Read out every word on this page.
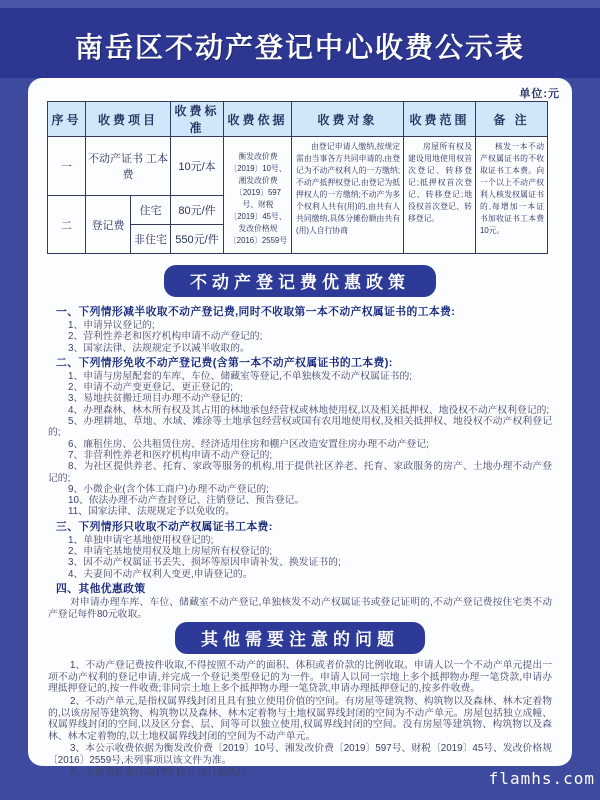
南岳区不动产登记中心收费公示表
单位:元
序号	收费项目		收费标准	收费依据	收费对象	收费范围	备 注
一	不动产证书 工本费		10元/本	衡发改价费〔2019〕10号、湘发改价费〔2019〕597号、财税〔2019〕45号、发改价格规〔2016〕2559号	由登记申请人缴纳,按规定需由当事各方共同申请的,由登记为不动产权利人的一方缴纳;不动产抵押权登记,由登记为抵押权人的一方缴纳;不动产为多个权利人共有(用)的,由共有人共同缴纳,具体分摊份额由共有(用)人自行协商	房屋所有权及建设用地使用权首次登记、转移登记;抵押权首次登记、转移登记;地役权首次登记、转移登记。	核发一本不动产权属证书的不收取证书工本费。向一个以上不动产权利人核发权属证书的,每增加一本证书加收证书工本费10元。
二	登记费	住宅	80元/件				
		非住宅	550元/件				
不动产登记费优惠政策
一、下列情形减半收取不动产登记费,同时不收取第一本不动产权属证书的工本费:
1、申请异议登记的;
2、营利性养老和医疗机构申请不动产登记的;
3、国家法律、法规规定予以减半收取的。
二、下列情形免收不动产登记费(含第一本不动产权属证书的工本费):
1、申请与房屋配套的车库、车位、储藏室等登记,不单独核发不动产权属证书的;
2、申请不动产变更登记、更正登记的;
3、易地扶贫搬迁项目办理不动产登记的;
4、办理森林、林木所有权及其占用的林地承包经营权或林地使用权,以及相关抵押权、地役权不动产权利登记的;
5、办理耕地、草地、水域、滩涂等土地承包经营权或国有农用地使用权,及相关抵押权、地役权不动产权利登记的;
6、廉租住房、公共租赁住房、经济适用住房和棚户区改造安置住房办理不动产登记;
7、非营利性养老和医疗机构申请不动产登记的;
8、为社区提供养老、托育、家政等服务的机构,用于提供社区养老、托育、家政服务的房产、土地办理不动产登记的;
9、小微企业(含个体工商户)办理不动产登记的;
10、依法办理不动产查封登记、注销登记、预告登记。
11、国家法律、法规规定予以免收的。
三、下列情形只收取不动产权属证书工本费:
1、单独申请宅基地使用权登记的;
2、申请宅基地使用权及地上房屋所有权登记的;
3、因不动产权属证书丢失、损坏等原因申请补发、换发证书的;
4、夫妻间不动产权利人变更,申请登记的。
四、其他优惠政策
对申请办理车库、车位、储藏室不动产登记,单独核发不动产权属证书或登记证明的,不动产登记费按住宅类不动产登记每件80元收取。
其他需要注意的问题
1、不动产登记费按件收取,不得按照不动产的面积、体积或者价款的比例收取。申请人以一个不动产单元提出一项不动产权利的登记申请,并完成一个登记类型登记的为一件。申请人以同一宗地上多个抵押物办理一笔贷款,申请办理抵押登记的,按一件收费;非同宗土地上多个抵押物办理一笔贷款,申请办理抵押登记的,按多件收费。
2、不动产单元,是指权属界线封闭且具有独立使用价值的空间。有房屋等建筑物、构筑物以及森林、林木定着物的,以该房屋等建筑物、构筑物以及森林、林木定着物与土地权属界线封闭的空间为不动产单元。房屋包括独立成幢、权属界线封闭的空间,以及区分套、层、间等可以独立使用,权属界线封闭的空间。没有房屋等建筑物、构筑物以及森林、林木定着物的,以土地权属界线封闭的空间为不动产单元。
3、本公示收费依据为衡发改价费〔2019〕10号、湘发改价费〔2019〕597号、财税〔2019〕45号、发改价格规〔2016〕2559号,未列事项以该文件为准。
4、本收费标准自2019年10月18日起执行。	flamhs.com
